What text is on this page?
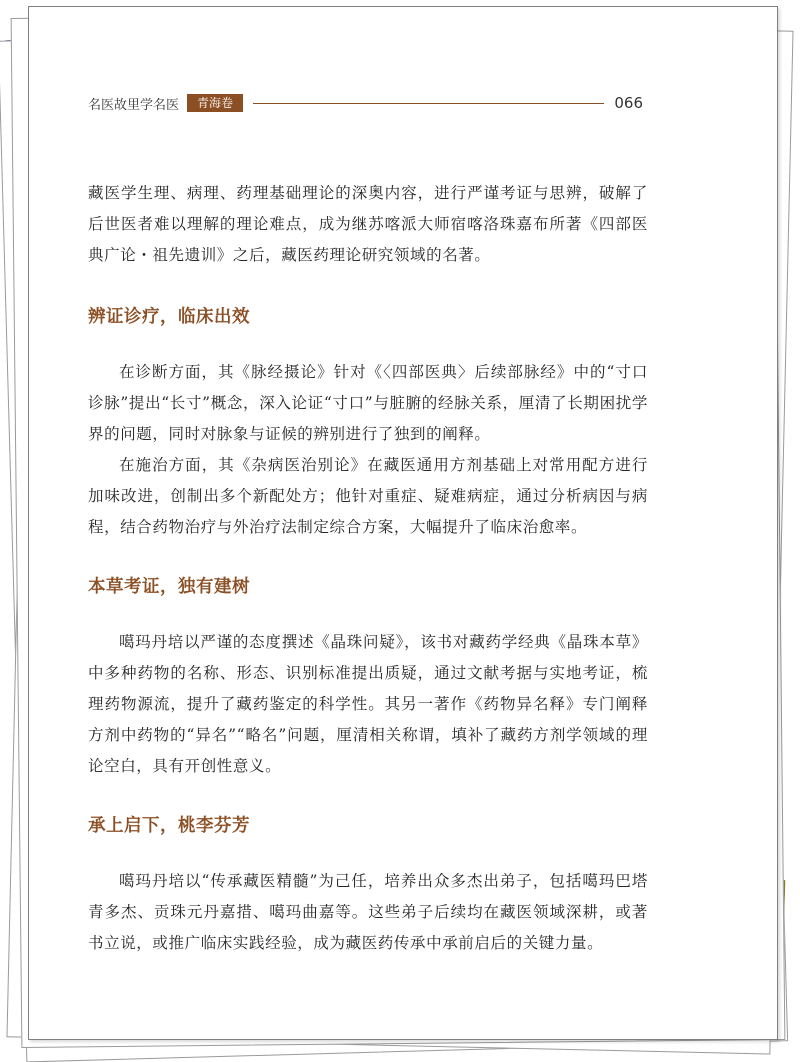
名医故里学名医	青海卷	066

藏医学生理、病理、药理基础理论的深奥内容，进行严谨考证与思辨，破解了后世医者难以理解的理论难点，成为继苏喀派大师宿喀洛珠嘉布所著《四部医典广论・祖先遗训》之后，藏医药理论研究领域的名著。

辨证诊疗，临床出效

在诊断方面，其《脉经摄论》针对《〈四部医典〉后续部脉经》中的“寸口诊脉”提出“长寸”概念，深入论证“寸口”与脏腑的经脉关系，厘清了长期困扰学界的问题，同时对脉象与证候的辨别进行了独到的阐释。

在施治方面，其《杂病医治别论》在藏医通用方剂基础上对常用配方进行加味改进，创制出多个新配处方；他针对重症、疑难病症，通过分析病因与病程，结合药物治疗与外治疗法制定综合方案，大幅提升了临床治愈率。

本草考证，独有建树

噶玛丹培以严谨的态度撰述《晶珠问疑》，该书对藏药学经典《晶珠本草》中多种药物的名称、形态、识别标准提出质疑，通过文献考据与实地考证，梳理药物源流，提升了藏药鉴定的科学性。其另一著作《药物异名释》专门阐释方剂中药物的“异名”“略名”问题，厘清相关称谓，填补了藏药方剂学领域的理论空白，具有开创性意义。

承上启下，桃李芬芳

噶玛丹培以“传承藏医精髓”为己任，培养出众多杰出弟子，包括噶玛巴塔青多杰、贡珠元丹嘉措、噶玛曲嘉等。这些弟子后续均在藏医领域深耕，或著书立说，或推广临床实践经验，成为藏医药传承中承前启后的关键力量。
